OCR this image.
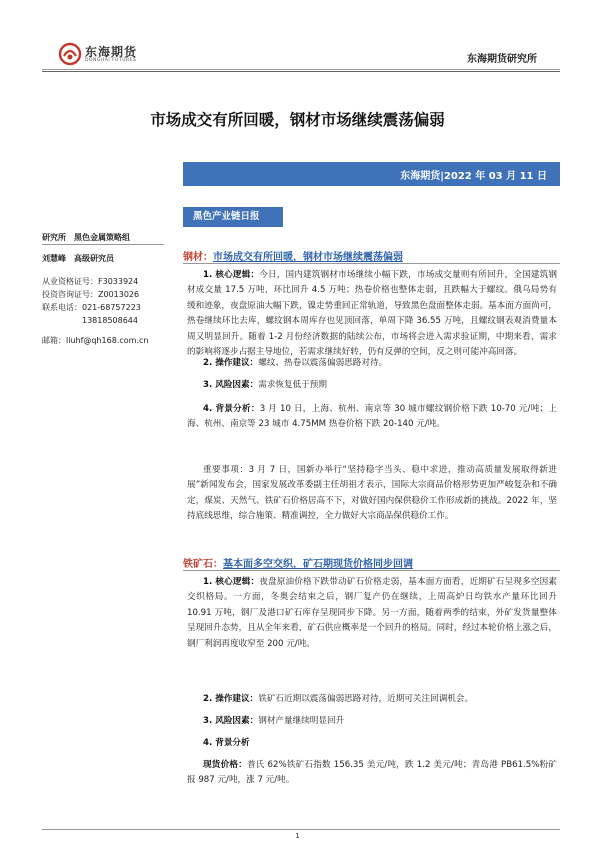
东海期货
DONGHAI FUTURES	东海期货研究所
市场成交有所回暖，钢材市场继续震荡偏弱
东海期货|2022 年 03 月 11 日
黑色产业链日报
研究所　黑色金属策略组
刘慧峰　高级研究员
从业资格证号：F3033924
投资咨询证号：Z0013026
联系电话：021-68757223
　　　　　13818508644
邮箱：liuhf@qh168.com.cn
钢材：市场成交有所回暖，钢材市场继续震荡偏弱
1. 核心逻辑：今日，国内建筑钢材市场继续小幅下跌，市场成交量则有所回升，全国建筑钢材成交量 17.5 万吨，环比回升 4.5 万吨；热卷价格也整体走弱，且跌幅大于螺纹。俄乌局势有缓和迹象，夜盘原油大幅下跌，镍走势重回正常轨道，导致黑色盘面整体走弱。基本面方面尚可，热卷继续环比去库，螺纹钢本周库存也见顶回落，单周下降 36.55 万吨，且螺纹钢表观消费量本周又明显回升。随着 1-2 月份经济数据的陆续公布，市场将会进入需求验证期，中期来看，需求的影响将逐步占据主导地位，若需求继续好转，仍有反弹的空间，反之则可能冲高回落。
2. 操作建议：螺纹、热卷以震荡偏弱思路对待。
3. 风险因素：需求恢复低于预期
4. 背景分析：3 月 10 日，上海、杭州、南京等 30 城市螺纹钢价格下跌 10-70 元/吨；上海、杭州、南京等 23 城市 4.75MM 热卷价格下跌 20-140 元/吨。
重要事项：3 月 7 日，国新办举行“坚持稳字当头、稳中求进，推动高质量发展取得新进展”新闻发布会，国家发展改革委副主任胡祖才表示，国际大宗商品价格形势更加严峻复杂和不确定，煤炭、天然气、铁矿石价格居高不下，对做好国内保供稳价工作形成新的挑战。2022 年，坚持底线思维，综合施策、精准调控，全力做好大宗商品保供稳价工作。
铁矿石：基本面多空交织，矿石期现货价格同步回调
1. 核心逻辑：夜盘原油价格下跌带动矿石价格走弱，基本面方面看，近期矿石呈现多空因素交织格局。一方面，冬奥会结束之后，钢厂复产仍在继续，上周高炉日均铁水产量环比回升 10.91 万吨，钢厂及港口矿石库存呈现同步下降。另一方面，随着两季的结束，外矿发货量整体呈现回升态势，且从全年来看，矿石供应概率是一个回升的格局。同时，经过本轮价格上涨之后，钢厂利润再度收窄至 200 元/吨。
2. 操作建议：铁矿石近期以震荡偏弱思路对待，近期可关注回调机会。
3. 风险因素：钢材产量继续明显回升
4. 背景分析
现货价格：普氏 62%铁矿石指数 156.35 美元/吨，跌 1.2 美元/吨；青岛港 PB61.5%粉矿报 987 元/吨，涨 7 元/吨。
1
